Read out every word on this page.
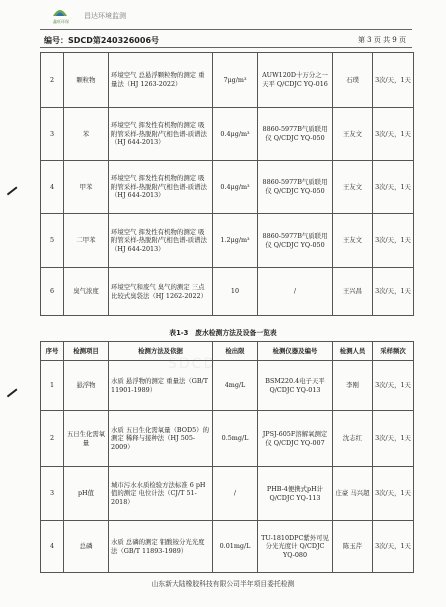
鑫旺环保
昌达环境监测
编号：SDCD第240326006号	第 3 页 共 9 页
2	颗粒物	环境空气 总悬浮颗粒物的测定 重量法（HJ 1263-2022）	7μg/m³	AUW120D十万分之一天平 Q/CDJC YQ-016	石璞	3次/天，1天
3	苯	环境空气 挥发性有机物的测定 吸附管采样-热脱附/气相色谱-质谱法（HJ 644-2013）	0.4μg/m³	8860-5977B气质联用仪 Q/CDJC YQ-050	王友文	3次/天，1天
4	甲苯	环境空气 挥发性有机物的测定 吸附管采样-热脱附/气相色谱-质谱法（HJ 644-2013）	0.4μg/m³	8860-5977B气质联用仪 Q/CDJC YQ-050	王友文	3次/天，1天
5	二甲苯	环境空气 挥发性有机物的测定 吸附管采样-热脱附/气相色谱-质谱法（HJ 644-2013）	1.2μg/m³	8860-5977B气质联用仪 Q/CDJC YQ-050	王友文	3次/天，1天
6	臭气浓度	环境空气和废气 臭气的测定 三点比较式臭袋法（HJ 1262-2022）	10	/	王兴昌	3次/天，1天
表1-3　废水检测方法及设备一览表
SDCD
序号	检测项目	检测方法及依据	检出限	检测仪器及编号	检测人员	采样频次
1	悬浮物	水质 悬浮物的测定 重量法（GB/T 11901-1989）	4mg/L	BSM220.4电子天平 Q/CDJC YQ-013	李刚	3次/天，1天
2	五日生化需氧量	水质 五日生化需氧量（BOD5）的测定 稀释与接种法（HJ 505-2009）	0.5mg/L	JPSJ-605F溶解氧测定仪 Q/CDJC YQ-007	沈志红	3次/天，1天
3	pH值	城市污水水质检验方法标准 6 pH值的测定 电位计法（CJ/T 51-2018）	/	PHB-4便携式pH计 Q/CDJC YQ-113	庄豪 马兴超	3次/天，1天
4	总磷	水质 总磷的测定 钼酸铵分光光度法（GB/T 11893-1989）	0.01mg/L	TU-1810DPC紫外可见分光光度计 Q/CDJC YQ-080	陈玉芹	3次/天，1天
山东新大陆橡胶科技有限公司半年项目委托检测
